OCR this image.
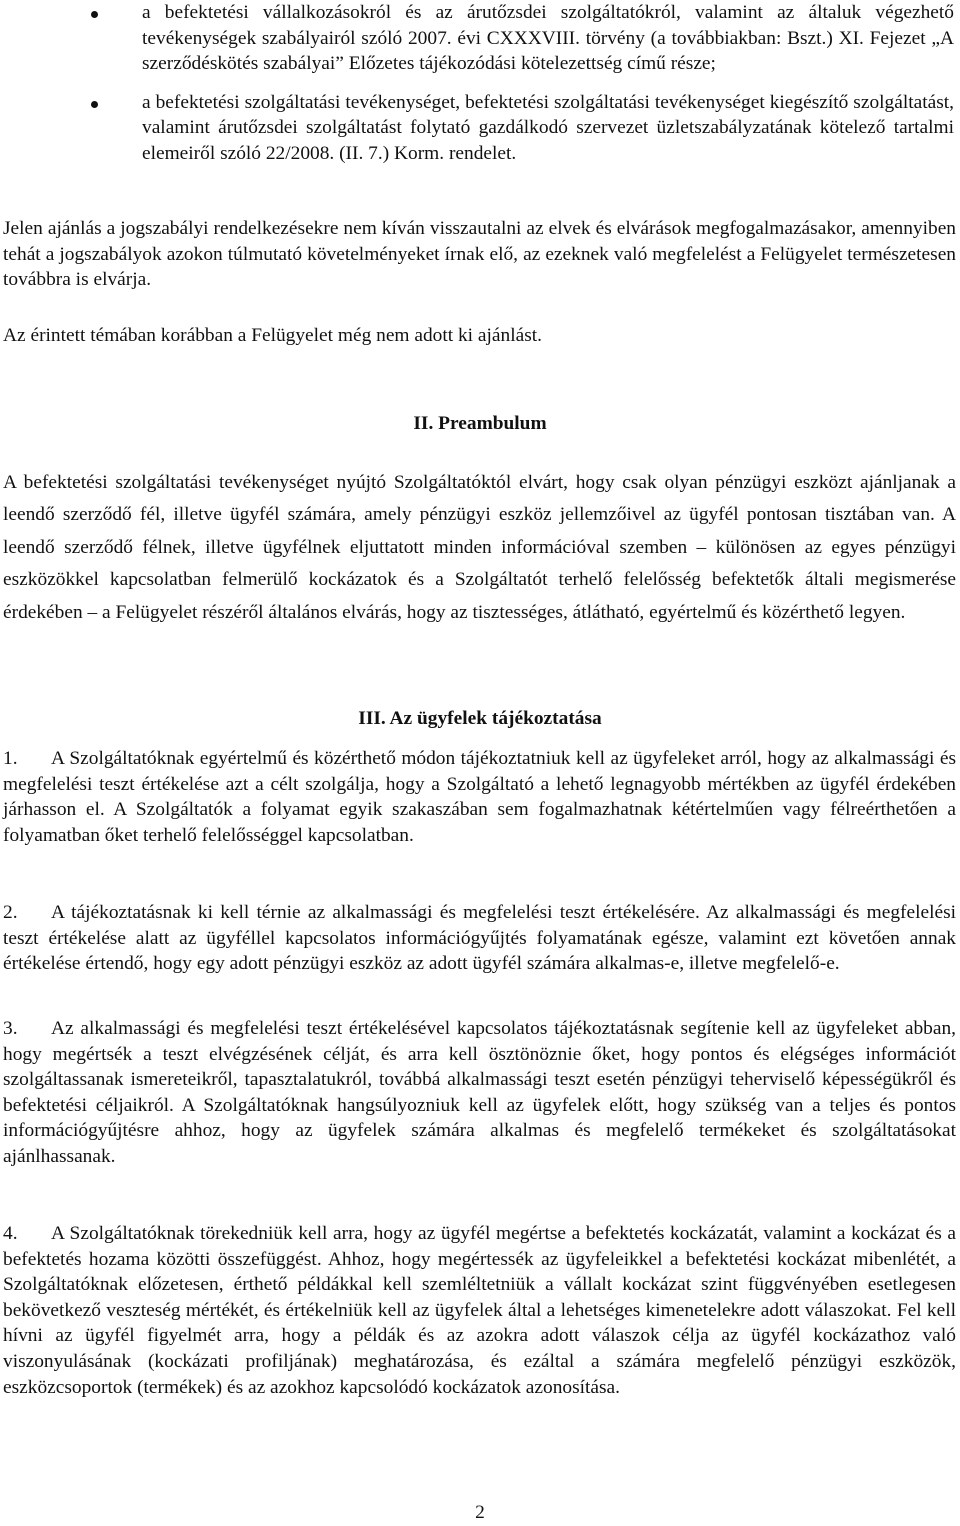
a befektetési vállalkozásokról és az árutőzsdei szolgáltatókról, valamint az általuk végezhető tevékenységek szabályairól szóló 2007. évi CXXXVIII. törvény (a továbbiakban: Bszt.) XI. Fejezet „A szerződéskötés szabályai” Előzetes tájékozódási kötelezettség című része;
a befektetési szolgáltatási tevékenységet, befektetési szolgáltatási tevékenységet kiegészítő szolgáltatást, valamint árutőzsdei szolgáltatást folytató gazdálkodó szervezet üzletszabályzatának kötelező tartalmi elemeiről szóló 22/2008. (II. 7.) Korm. rendelet.

Jelen ajánlás a jogszabályi rendelkezésekre nem kíván visszautalni az elvek és elvárások megfogalmazásakor, amennyiben tehát a jogszabályok azokon túlmutató követelményeket írnak elő, az ezeknek való megfelelést a Felügyelet természetesen továbbra is elvárja.

Az érintett témában korábban a Felügyelet még nem adott ki ajánlást.

II. Preambulum

A befektetési szolgáltatási tevékenységet nyújtó Szolgáltatóktól elvárt, hogy csak olyan pénzügyi eszközt ajánljanak a leendő szerződő fél, illetve ügyfél számára, amely pénzügyi eszköz jellemzőivel az ügyfél pontosan tisztában van. A leendő szerződő félnek, illetve ügyfélnek eljuttatott minden információval szemben – különösen az egyes pénzügyi eszközökkel kapcsolatban felmerülő kockázatok és a Szolgáltatót terhelő felelősség befektetők általi megismerése érdekében – a Felügyelet részéről általános elvárás, hogy az tisztességes, átlátható, egyértelmű és közérthető legyen.

III. Az ügyfelek tájékoztatása

1. A Szolgáltatóknak egyértelmű és közérthető módon tájékoztatniuk kell az ügyfeleket arról, hogy az alkalmassági és megfelelési teszt értékelése azt a célt szolgálja, hogy a Szolgáltató a lehető legnagyobb mértékben az ügyfél érdekében járhasson el. A Szolgáltatók a folyamat egyik szakaszában sem fogalmazhatnak kétértelműen vagy félreérthetően a folyamatban őket terhelő felelősséggel kapcsolatban.

2. A tájékoztatásnak ki kell térnie az alkalmassági és megfelelési teszt értékelésére. Az alkalmassági és megfelelési teszt értékelése alatt az ügyféllel kapcsolatos információgyűjtés folyamatának egésze, valamint ezt követően annak értékelése értendő, hogy egy adott pénzügyi eszköz az adott ügyfél számára alkalmas-e, illetve megfelelő-e.

3. Az alkalmassági és megfelelési teszt értékelésével kapcsolatos tájékoztatásnak segítenie kell az ügyfeleket abban, hogy megértsék a teszt elvégzésének célját, és arra kell ösztönöznie őket, hogy pontos és elégséges információt szolgáltassanak ismereteikről, tapasztalatukról, továbbá alkalmassági teszt esetén pénzügyi teherviselő képességükről és befektetési céljaikról. A Szolgáltatóknak hangsúlyozniuk kell az ügyfelek előtt, hogy szükség van a teljes és pontos információgyűjtésre ahhoz, hogy az ügyfelek számára alkalmas és megfelelő termékeket és szolgáltatásokat ajánlhassanak.

4. A Szolgáltatóknak törekedniük kell arra, hogy az ügyfél megértse a befektetés kockázatát, valamint a kockázat és a befektetés hozama közötti összefüggést. Ahhoz, hogy megértessék az ügyfeleikkel a befektetési kockázat mibenlétét, a Szolgáltatóknak előzetesen, érthető példákkal kell szemléltetniük a vállalt kockázat szint függvényében esetlegesen bekövetkező veszteség mértékét, és értékelniük kell az ügyfelek által a lehetséges kimenetelekre adott válaszokat. Fel kell hívni az ügyfél figyelmét arra, hogy a példák és az azokra adott válaszok célja az ügyfél kockázathoz való viszonyulásának (kockázati profiljának) meghatározása, és ezáltal a számára megfelelő pénzügyi eszközök, eszközcsoportok (termékek) és az azokhoz kapcsolódó kockázatok azonosítása.

2
